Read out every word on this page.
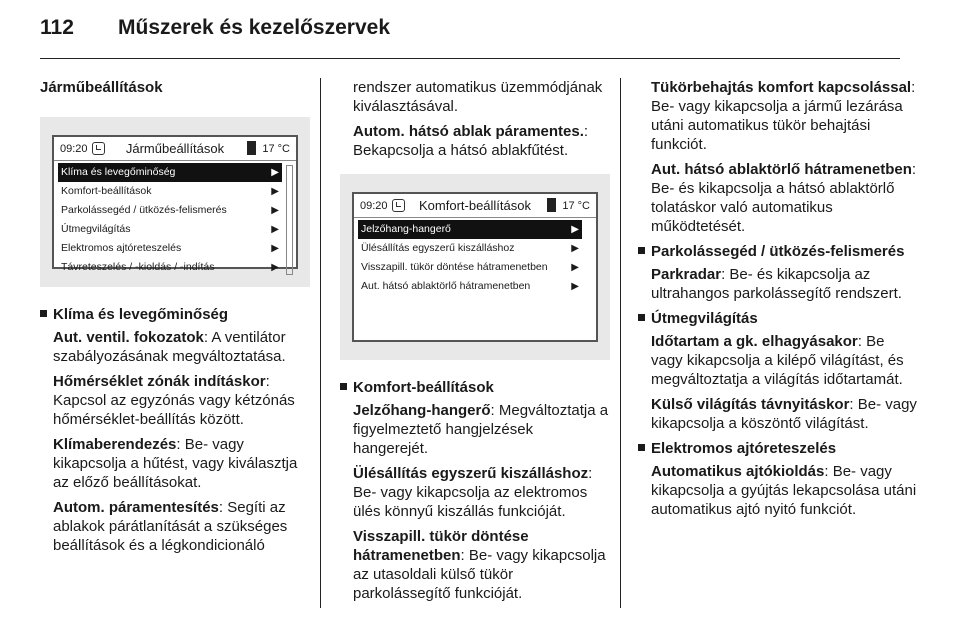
112 Műszerek és kezelőszervek
Járműbeállítások
09:20	Járműbeállítások	17 °C
Klíma és levegőminőség	▶
Komfort-beállítások	▶
Parkolássegéd / ütközés-felismerés	▶
Útmegvilágítás	▶
Elektromos ajtóreteszelés	▶
Távreteszelés / -kioldás / -indítás	▶
Klíma és levegőminőség
Aut. ventil. fokozatok: A ventilátor szabályozásának megváltoztatása.
Hőmérséklet zónák indításkor: Kapcsol az egyzónás vagy kétzónás hőmérséklet-beállítás között.
Klímaberendezés: Be- vagy kikapcsolja a hűtést, vagy kiválasztja az előző beállításokat.
Autom. páramentesítés: Segíti az ablakok párátlanítását a szükséges beállítások és a légkondicionáló
rendszer automatikus üzemmódjának kiválasztásával.
Autom. hátsó ablak páramentes.: Bekapcsolja a hátsó ablakfűtést.
09:20	Komfort-beállítások	17 °C
Jelzőhang-hangerő	▶
Ülésállítás egyszerű kiszálláshoz	▶
Visszapill. tükör döntése hátramenetben ▶
Aut. hátsó ablaktörlő hátramenetben	▶
Komfort-beállítások
Jelzőhang-hangerő: Megváltoztatja a figyelmeztető hangjelzések hangerejét.
Ülésállítás egyszerű kiszálláshoz: Be- vagy kikapcsolja az elektromos ülés könnyű kiszállás funkcióját.
Visszapill. tükör döntése hátramenetben: Be- vagy kikapcsolja az utasoldali külső tükör parkolássegítő funkcióját.
Tükörbehajtás komfort kapcsolással: Be- vagy kikapcsolja a jármű lezárása utáni automatikus tükör behajtási funkciót.
Aut. hátsó ablaktörlő hátramenetben: Be- és kikapcsolja a hátsó ablaktörlő tolatáskor való automatikus működtetését.
Parkolássegéd / ütközés-felismerés
Parkradar: Be- és kikapcsolja az ultrahangos parkolássegítő rendszert.
Útmegvilágítás
Időtartam a gk. elhagyásakor: Be vagy kikapcsolja a kilépő világítást, és megváltoztatja a világítás időtartamát.
Külső világítás távnyitáskor: Be- vagy kikapcsolja a köszöntő világítást.
Elektromos ajtóreteszelés
Automatikus ajtókioldás: Be- vagy kikapcsolja a gyújtás lekapcsolása utáni automatikus ajtó nyitó funkciót.
